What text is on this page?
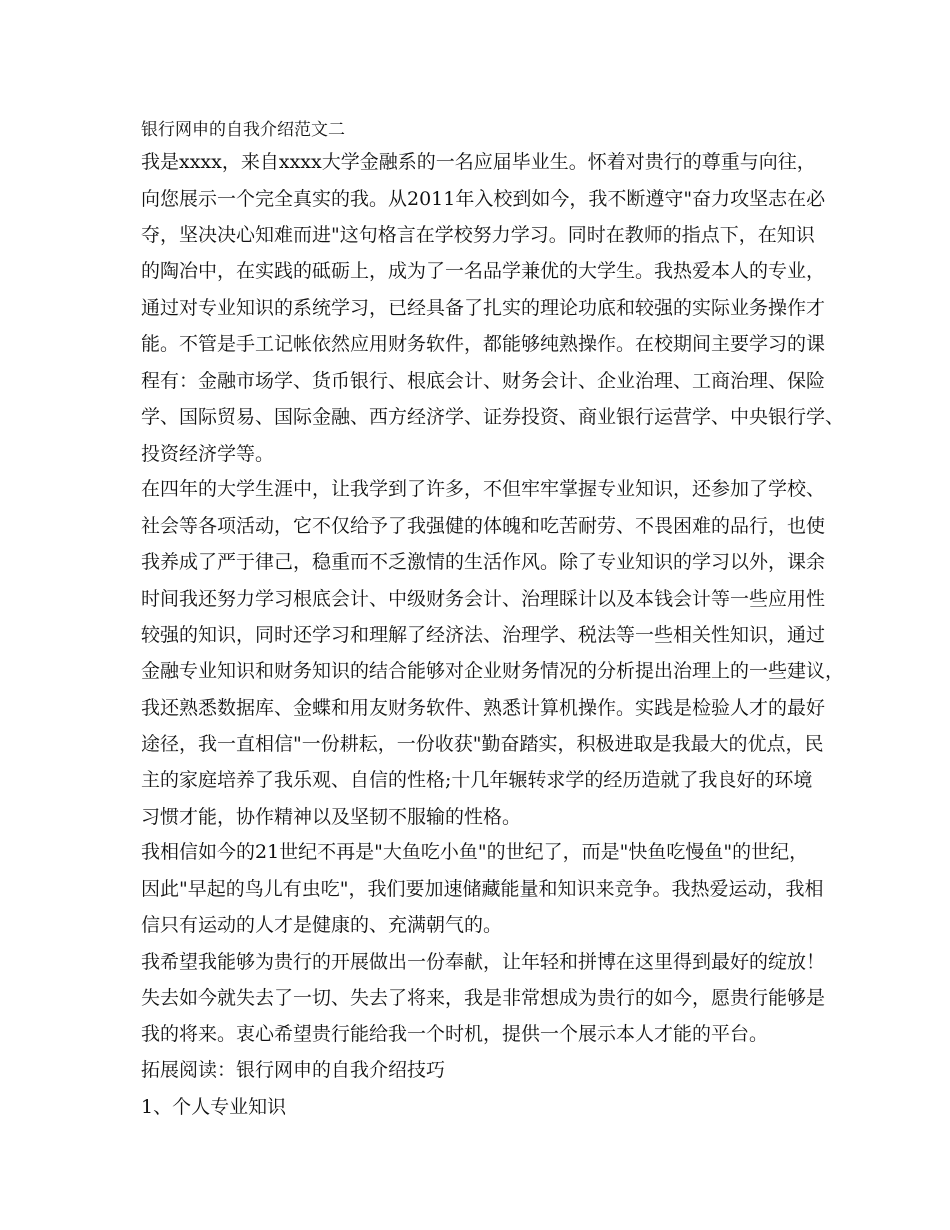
银行网申的自我介绍范文二
我是xxxx，来自xxxx大学金融系的一名应届毕业生。怀着对贵行的尊重与向往，
向您展示一个完全真实的我。从2011年入校到如今，我不断遵守"奋力攻坚志在必
夺，坚决决心知难而进"这句格言在学校努力学习。同时在教师的指点下，在知识
的陶冶中，在实践的砥砺上，成为了一名品学兼优的大学生。我热爱本人的专业，
通过对专业知识的系统学习，已经具备了扎实的理论功底和较强的实际业务操作才
能。不管是手工记帐依然应用财务软件，都能够纯熟操作。在校期间主要学习的课
程有：金融市场学、货币银行、根底会计、财务会计、企业治理、工商治理、保险
学、国际贸易、国际金融、西方经济学、证券投资、商业银行运营学、中央银行学、
投资经济学等。
在四年的大学生涯中，让我学到了许多，不但牢牢掌握专业知识，还参加了学校、
社会等各项活动，它不仅给予了我强健的体魄和吃苦耐劳、不畏困难的品行，也使
我养成了严于律己，稳重而不乏激情的生活作风。除了专业知识的学习以外，课余
时间我还努力学习根底会计、中级财务会计、治理睬计以及本钱会计等一些应用性
较强的知识，同时还学习和理解了经济法、治理学、税法等一些相关性知识，通过
金融专业知识和财务知识的结合能够对企业财务情况的分析提出治理上的一些建议，
我还熟悉数据库、金蝶和用友财务软件、熟悉计算机操作。实践是检验人才的最好
途径，我一直相信"一份耕耘，一份收获"勤奋踏实，积极进取是我最大的优点，民
主的家庭培养了我乐观、自信的性格;十几年辗转求学的经历造就了我良好的环境
习惯才能，协作精神以及坚韧不服输的性格。
我相信如今的21世纪不再是"大鱼吃小鱼"的世纪了，而是"快鱼吃慢鱼"的世纪，
因此"早起的鸟儿有虫吃"，我们要加速储藏能量和知识来竞争。我热爱运动，我相
信只有运动的人才是健康的、充满朝气的。
我希望我能够为贵行的开展做出一份奉献，让年轻和拼博在这里得到最好的绽放！
失去如今就失去了一切、失去了将来，我是非常想成为贵行的如今，愿贵行能够是
我的将来。衷心希望贵行能给我一个时机，提供一个展示本人才能的平台。
拓展阅读：银行网申的自我介绍技巧
1、个人专业知识
